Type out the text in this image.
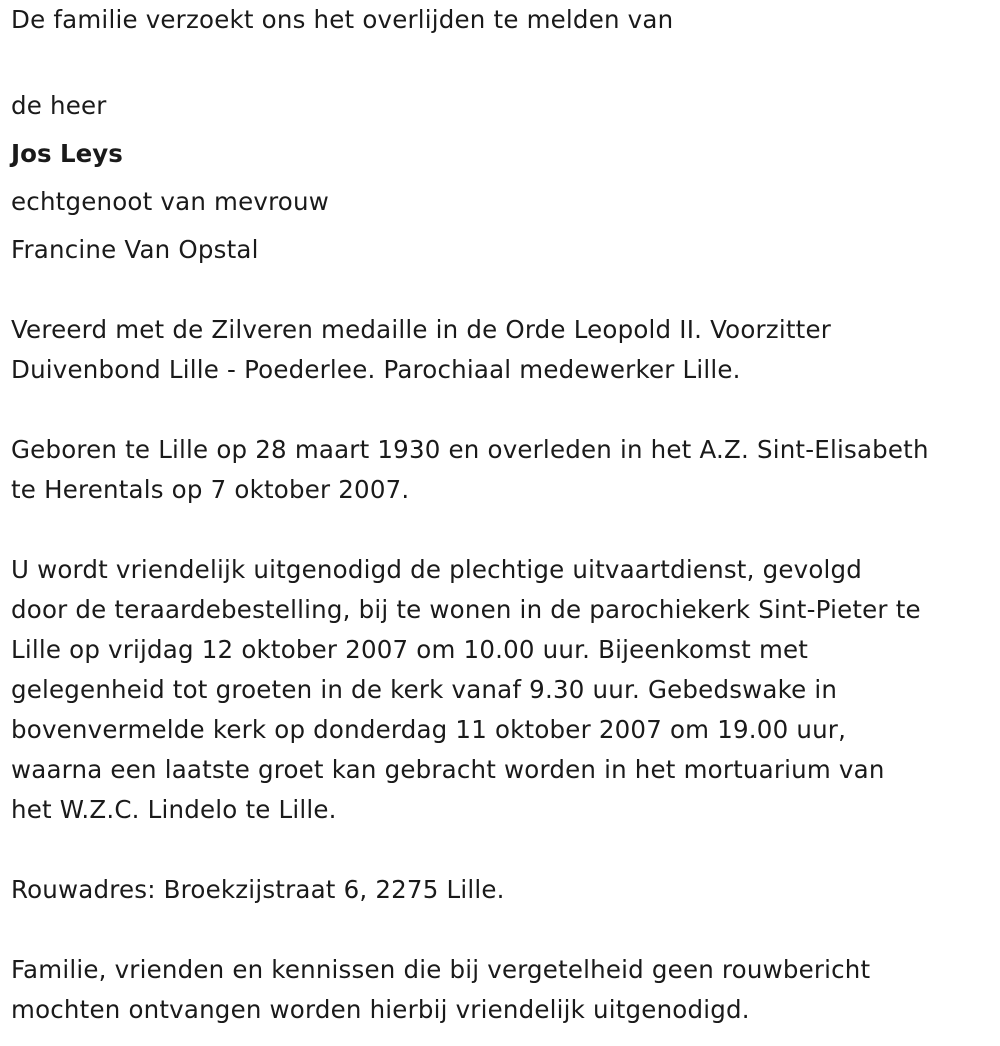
De familie verzoekt ons het overlijden te melden van
de heer
Jos Leys
echtgenoot van mevrouw
Francine Van Opstal
Vereerd met de Zilveren medaille in de Orde Leopold II. Voorzitter
Duivenbond Lille - Poederlee. Parochiaal medewerker Lille.
Geboren te Lille op 28 maart 1930 en overleden in het A.Z. Sint-Elisabeth
te Herentals op 7 oktober 2007.
U wordt vriendelijk uitgenodigd de plechtige uitvaartdienst, gevolgd
door de teraardebestelling, bij te wonen in de parochiekerk Sint-Pieter te
Lille op vrijdag 12 oktober 2007 om 10.00 uur. Bijeenkomst met
gelegenheid tot groeten in de kerk vanaf 9.30 uur. Gebedswake in
bovenvermelde kerk op donderdag 11 oktober 2007 om 19.00 uur,
waarna een laatste groet kan gebracht worden in het mortuarium van
het W.Z.C. Lindelo te Lille.
Rouwadres: Broekzijstraat 6, 2275 Lille.
Familie, vrienden en kennissen die bij vergetelheid geen rouwbericht
mochten ontvangen worden hierbij vriendelijk uitgenodigd.
